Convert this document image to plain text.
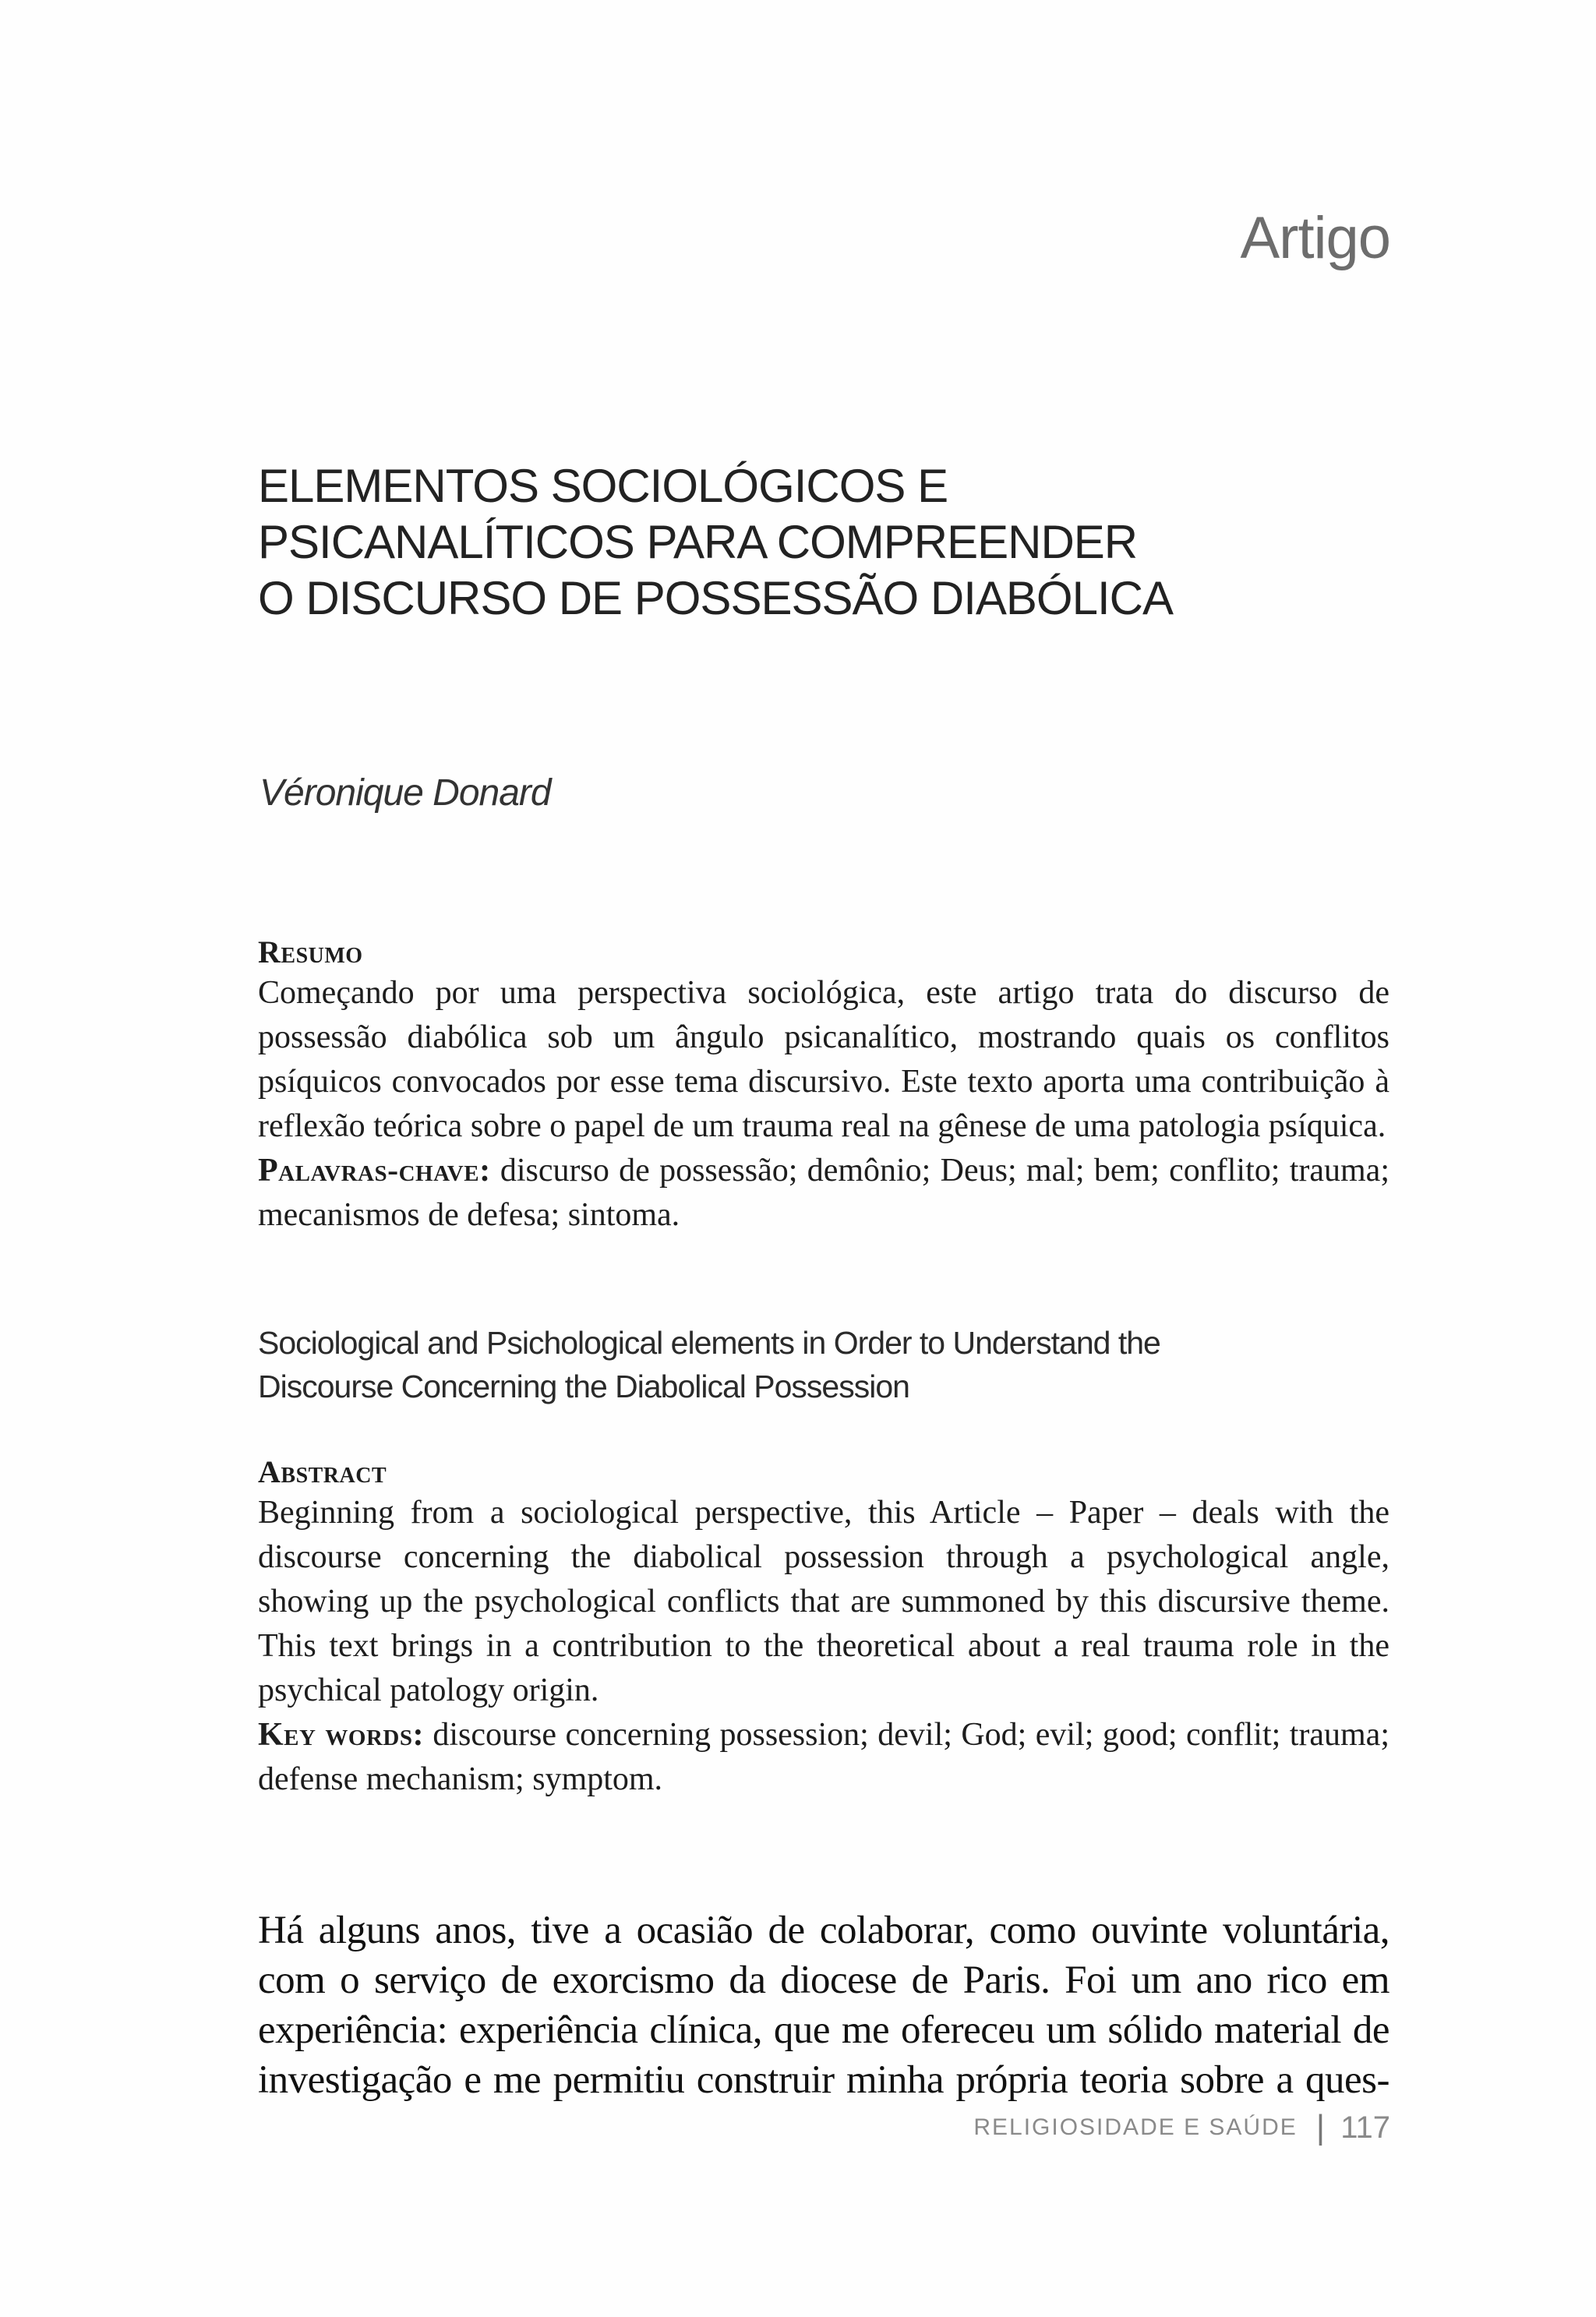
Artigo
ELEMENTOS SOCIOLÓGICOS E
PSICANALÍTICOS PARA COMPREENDER
O DISCURSO DE POSSESSÃO DIABÓLICA
Véronique Donard
Resumo

Começando por uma perspectiva sociológica, este artigo trata do discurso de possessão diabólica sob um ângulo psicanalítico, mostrando quais os conflitos psíquicos convocados por esse tema discursivo. Este texto aporta uma contribuição à reflexão teórica sobre o papel de um trauma real na gênese de uma patologia psíquica.

Palavras-chave: discurso de possessão; demônio; Deus; mal; bem; conflito; trauma; mecanismos de defesa; sintoma.

Sociological and Psichological elements in Order to Understand the
Discourse Concerning the Diabolical Possession
Abstract

Beginning from a sociological perspective, this Article – Paper – deals with the discourse concerning the diabolical possession through a psychological angle, showing up the psychological conflicts that are summoned by this discursive theme. This text brings in a contribution to the theoretical about a real trauma role in the psychical patology origin.

Key words: discourse concerning possession; devil; God; evil; good; conflit; trauma; defense mechanism; symptom.

Há alguns anos, tive a ocasião de colaborar, como ouvinte voluntária, com o serviço de exorcismo da diocese de Paris. Foi um ano rico em experiência: experiência clínica, que me ofereceu um sólido material de investigação e me permitiu construir minha própria teoria sobre a ques-

RELIGIOSIDADE E SAÚDE | 117
